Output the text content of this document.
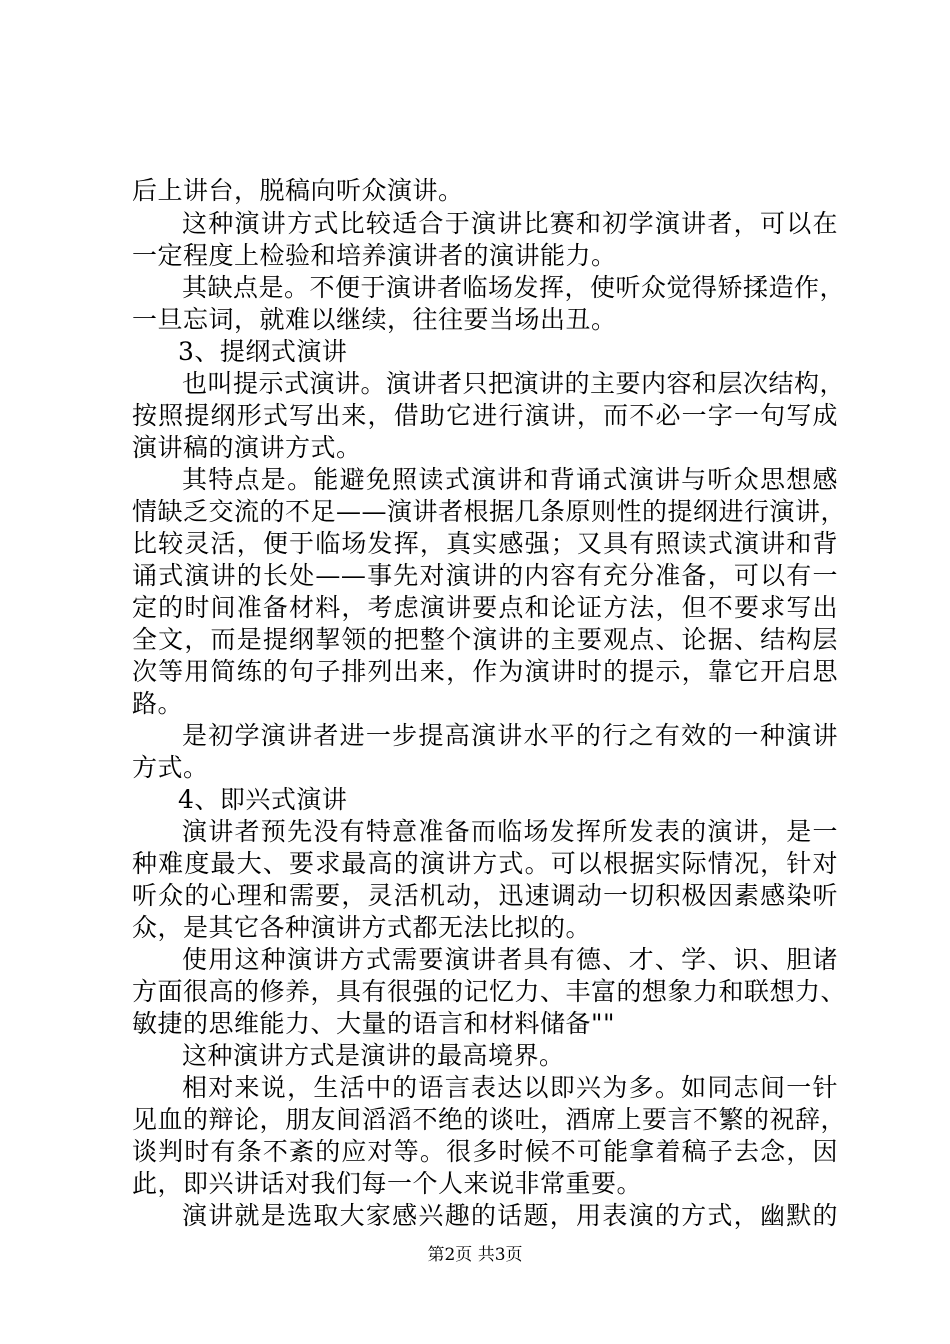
后上讲台，脱稿向听众演讲。
这种演讲方式比较适合于演讲比赛和初学演讲者，可以在
一定程度上检验和培养演讲者的演讲能力。
其缺点是。不便于演讲者临场发挥，使听众觉得矫揉造作，
一旦忘词，就难以继续，往往要当场出丑。
3、提纲式演讲
也叫提示式演讲。演讲者只把演讲的主要内容和层次结构，
按照提纲形式写出来，借助它进行演讲，而不必一字一句写成
演讲稿的演讲方式。
其特点是。能避免照读式演讲和背诵式演讲与听众思想感
情缺乏交流的不足——演讲者根据几条原则性的提纲进行演讲，
比较灵活，便于临场发挥，真实感强；又具有照读式演讲和背
诵式演讲的长处——事先对演讲的内容有充分准备，可以有一
定的时间准备材料，考虑演讲要点和论证方法，但不要求写出
全文，而是提纲挈领的把整个演讲的主要观点、论据、结构层
次等用简练的句子排列出来，作为演讲时的提示，靠它开启思
路。
是初学演讲者进一步提高演讲水平的行之有效的一种演讲
方式。
4、即兴式演讲
演讲者预先没有特意准备而临场发挥所发表的演讲，是一
种难度最大、要求最高的演讲方式。可以根据实际情况，针对
听众的心理和需要，灵活机动，迅速调动一切积极因素感染听
众，是其它各种演讲方式都无法比拟的。
使用这种演讲方式需要演讲者具有德、才、学、识、胆诸
方面很高的修养，具有很强的记忆力、丰富的想象力和联想力、
敏捷的思维能力、大量的语言和材料储备""
这种演讲方式是演讲的最高境界。
相对来说，生活中的语言表达以即兴为多。如同志间一针
见血的辩论，朋友间滔滔不绝的谈吐，酒席上要言不繁的祝辞，
谈判时有条不紊的应对等。很多时候不可能拿着稿子去念，因
此，即兴讲话对我们每一个人来说非常重要。
演讲就是选取大家感兴趣的话题，用表演的方式，幽默的
第2页 共3页
